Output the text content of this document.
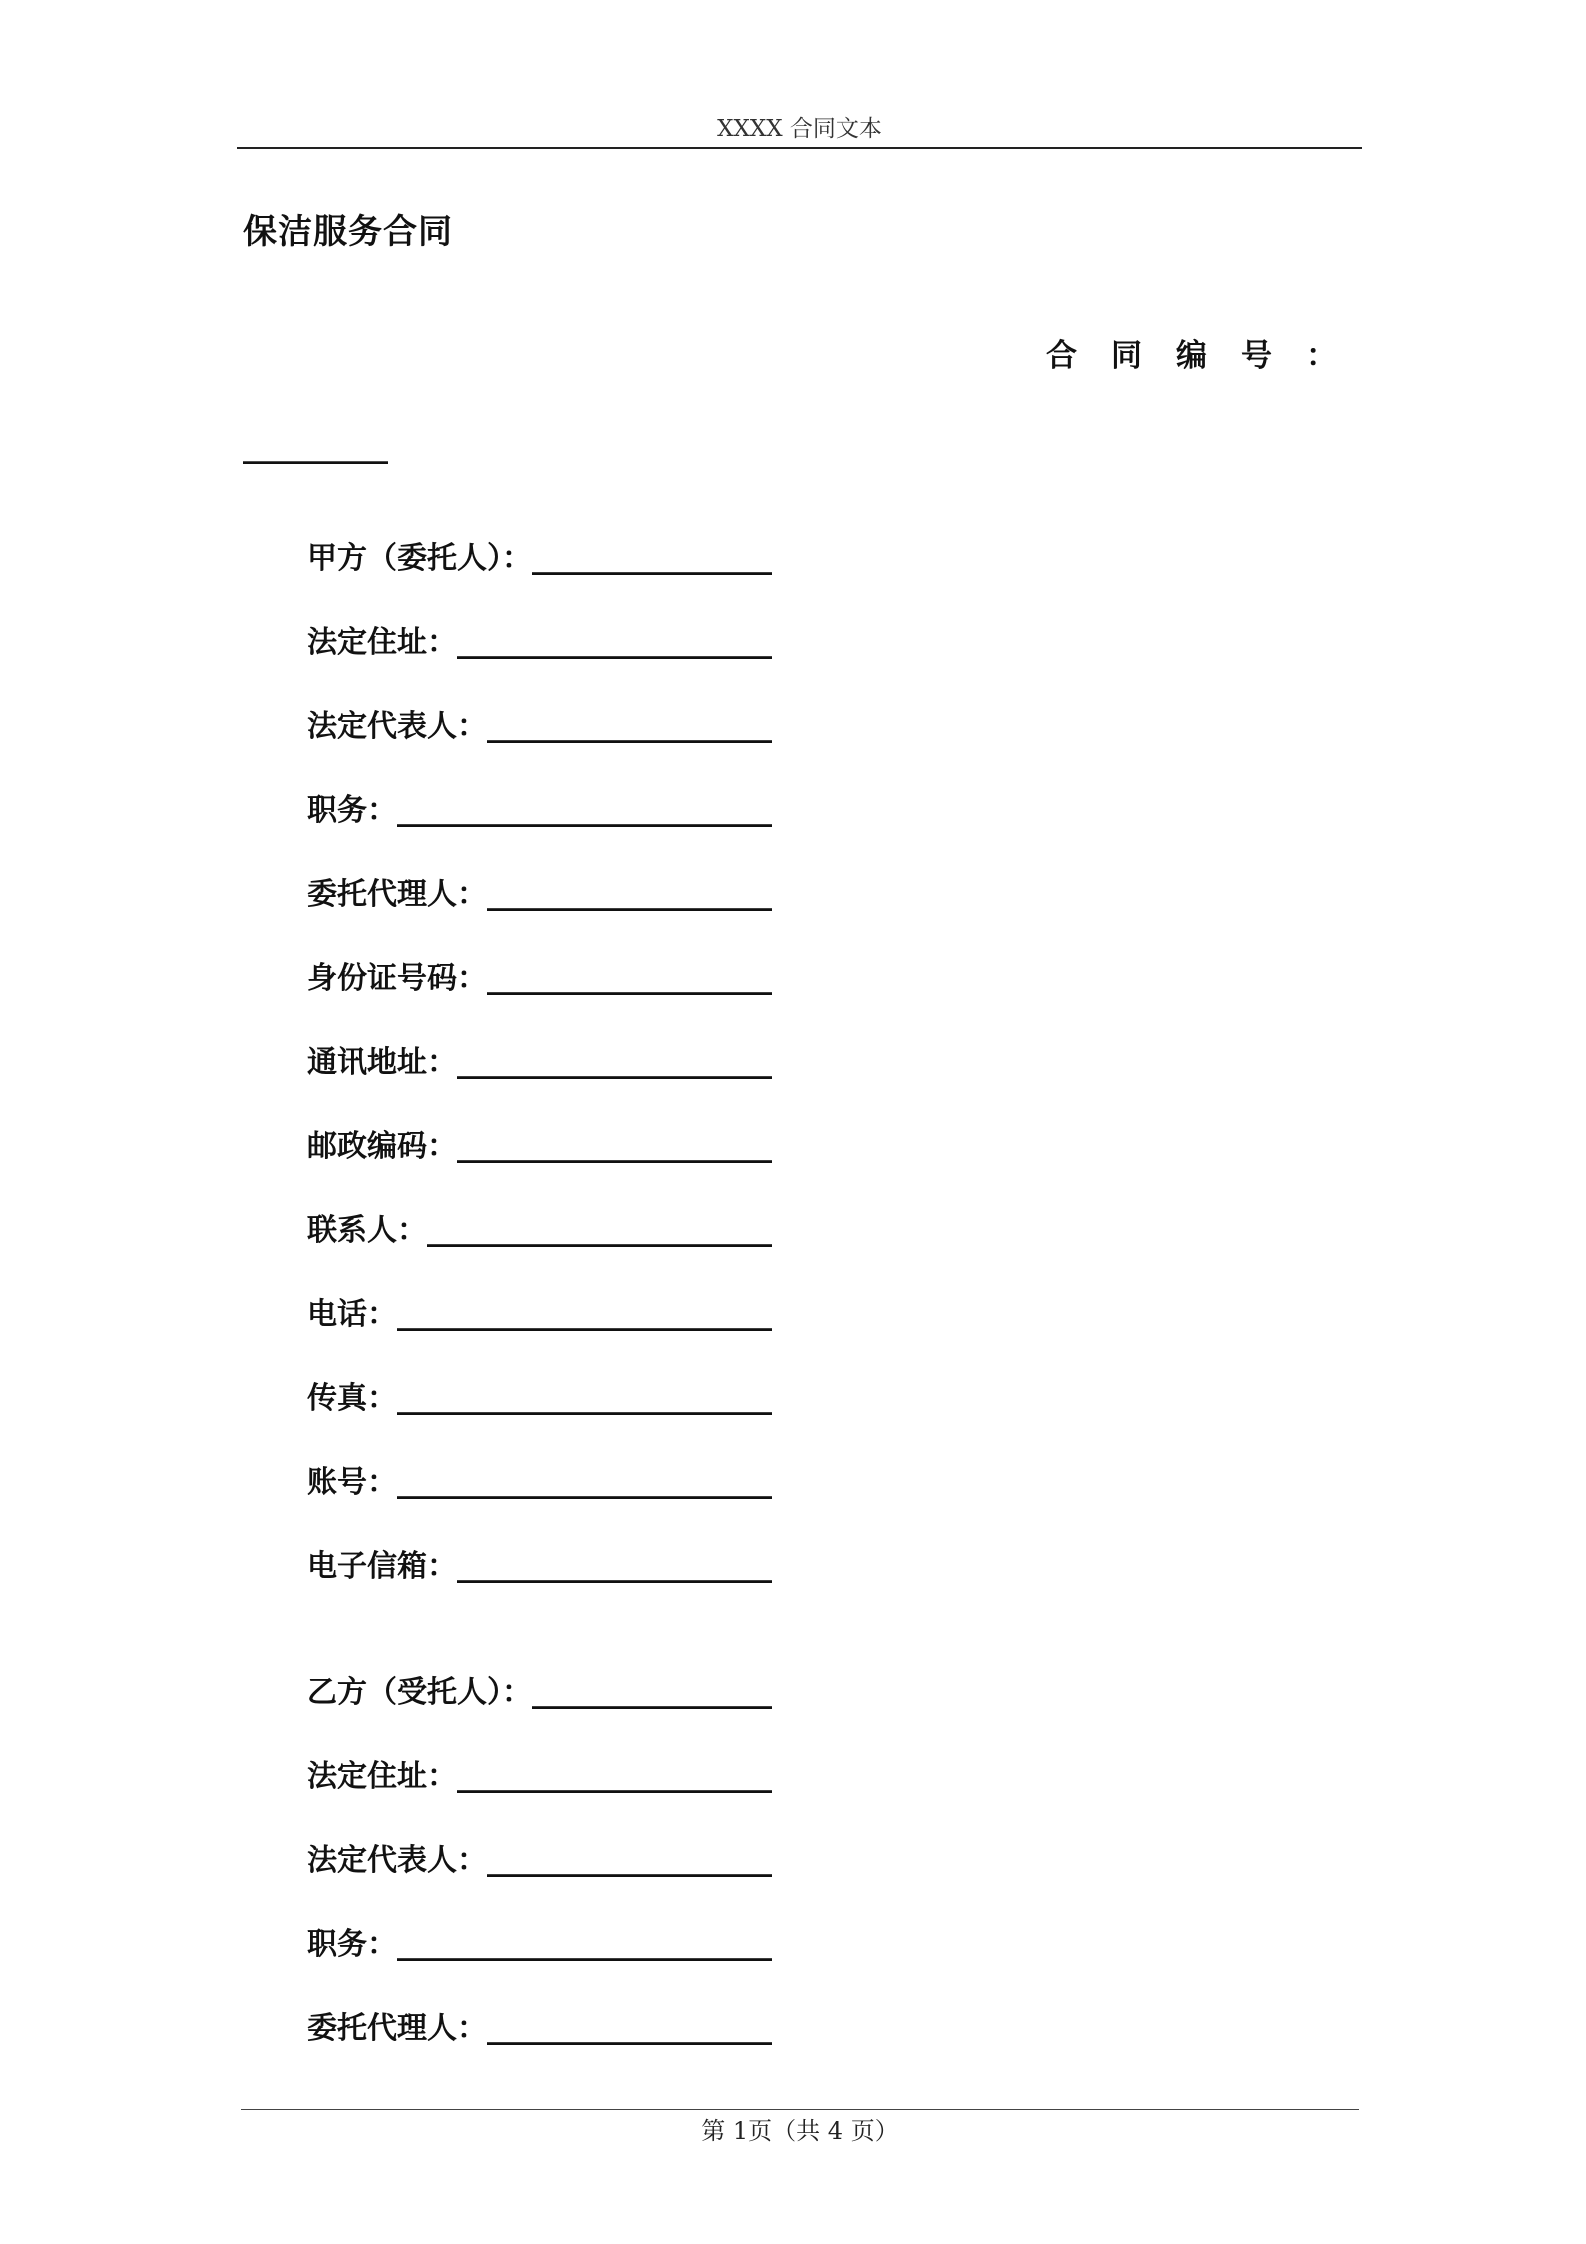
XXXX 合同文本
保洁服务合同
合同编号：
__________
甲方（委托人）：________________
法定住址：_____________________
法定代表人：___________________
职务：_________________________
委托代理人：___________________
身份证号码：___________________
通讯地址：_____________________
邮政编码：_____________________
联系人：_______________________
电话：_________________________
传真：_________________________
账号：_________________________
电子信箱：_____________________
乙方（受托人）：________________
法定住址：_____________________
法定代表人：___________________
职务：_________________________
委托代理人：___________________
第 1页（共 4 页）
